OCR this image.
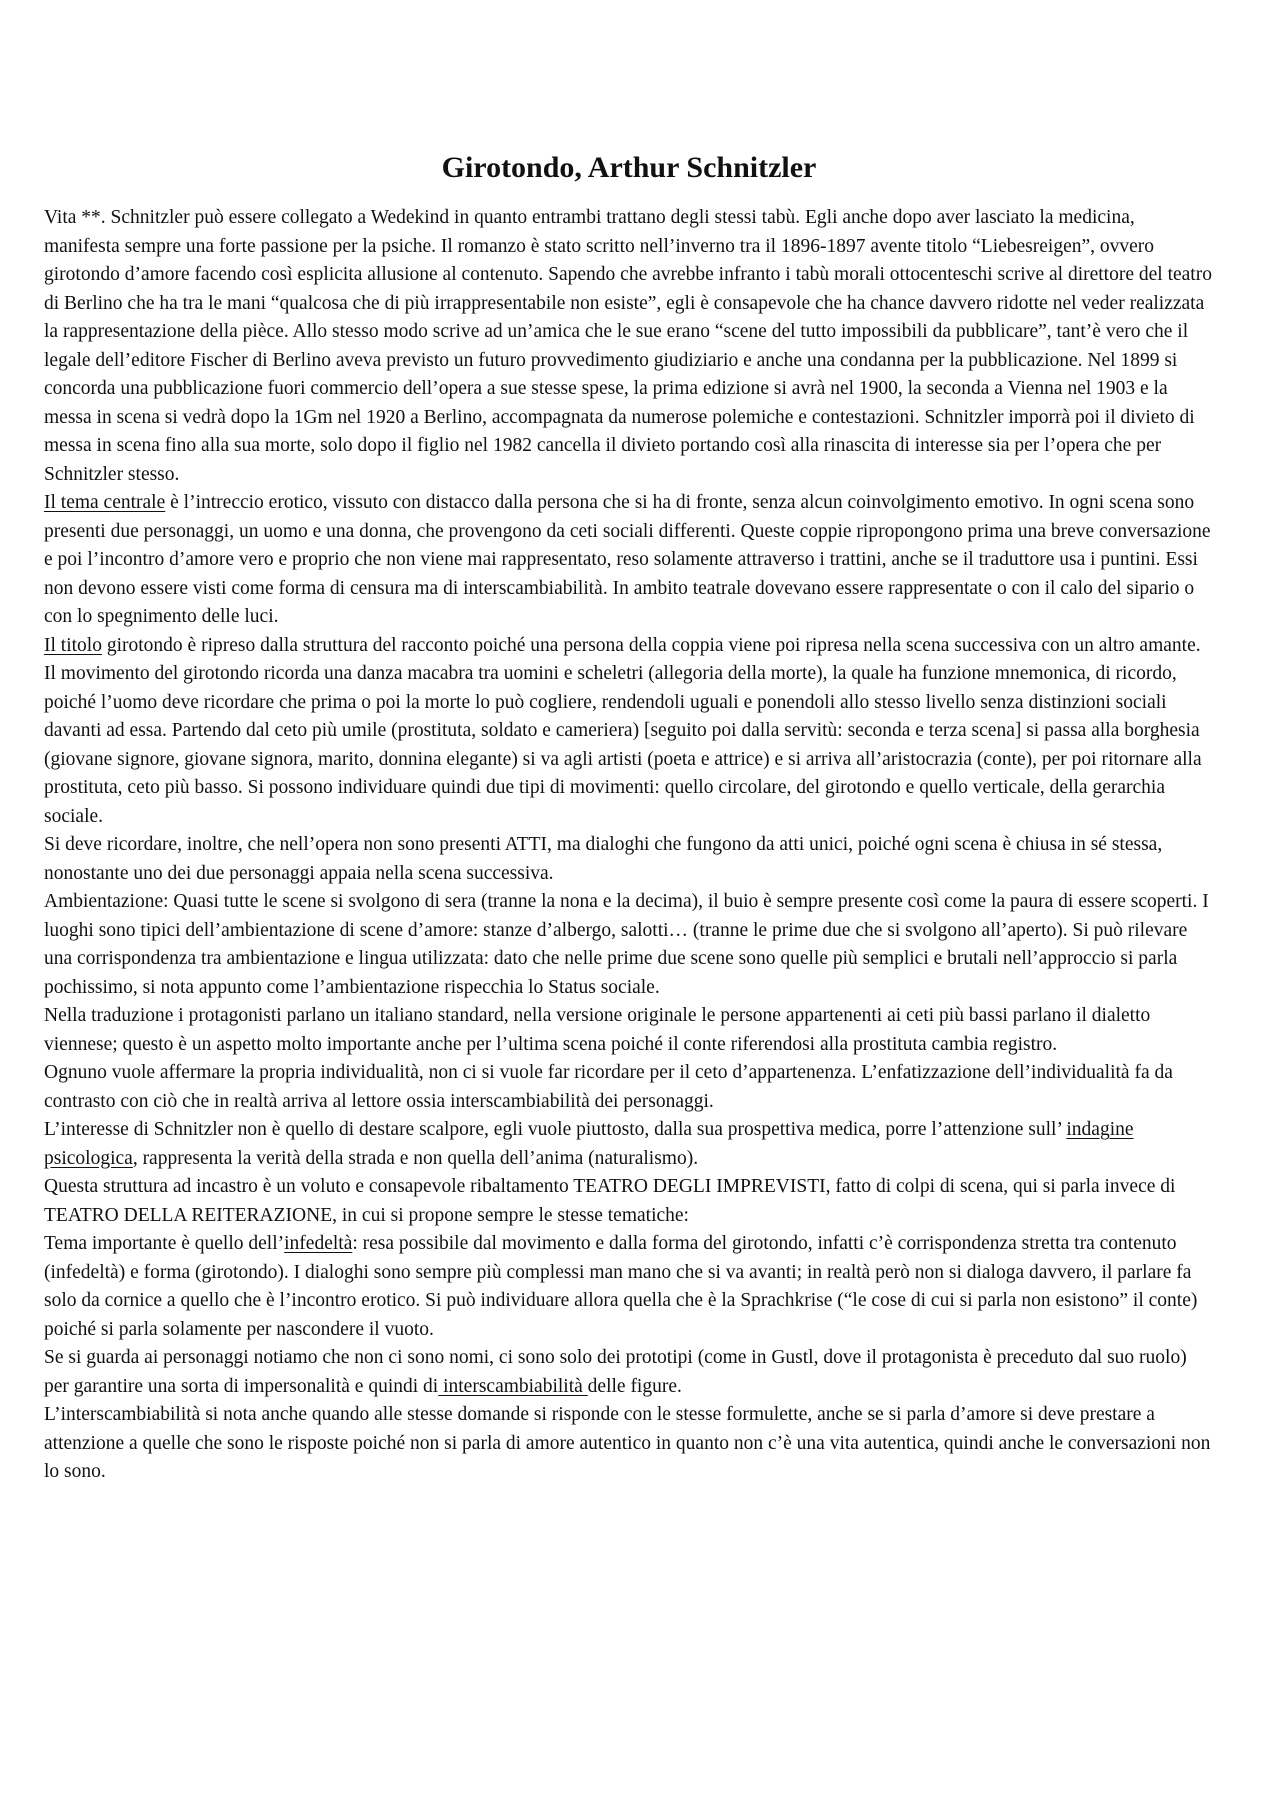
Girotondo, Arthur Schnitzler

Vita **. Schnitzler può essere collegato a Wedekind in quanto entrambi trattano degli stessi tabù. Egli anche dopo aver lasciato la medicina, manifesta sempre una forte passione per la psiche. Il romanzo è stato scritto nell’inverno tra il 1896-1897 avente titolo “Liebesreigen”, ovvero girotondo d’amore facendo così esplicita allusione al contenuto. Sapendo che avrebbe infranto i tabù morali ottocenteschi scrive al direttore del teatro di Berlino che ha tra le mani “qualcosa che di più irrappresentabile non esiste”, egli è consapevole che ha chance davvero ridotte nel veder realizzata la rappresentazione della pièce. Allo stesso modo scrive ad un’amica che le sue erano “scene del tutto impossibili da pubblicare”, tant’è vero che il legale dell’editore Fischer di Berlino aveva previsto un futuro provvedimento giudiziario e anche una condanna per la pubblicazione. Nel 1899 si concorda una pubblicazione fuori commercio dell’opera a sue stesse spese, la prima edizione si avrà nel 1900, la seconda a Vienna nel 1903 e la messa in scena si vedrà dopo la 1Gm nel 1920 a Berlino, accompagnata da numerose polemiche e contestazioni. Schnitzler imporrà poi il divieto di messa in scena fino alla sua morte, solo dopo il figlio nel 1982 cancella il divieto portando così alla rinascita di interesse sia per l’opera che per Schnitzler stesso.

Il tema centrale è l’intreccio erotico, vissuto con distacco dalla persona che si ha di fronte, senza alcun coinvolgimento emotivo. In ogni scena sono presenti due personaggi, un uomo e una donna, che provengono da ceti sociali differenti. Queste coppie ripropongono prima una breve conversazione e poi l’incontro d’amore vero e proprio che non viene mai rappresentato, reso solamente attraverso i trattini, anche se il traduttore usa i puntini. Essi non devono essere visti come forma di censura ma di interscambiabilità. In ambito teatrale dovevano essere rappresentate o con il calo del sipario o con lo spegnimento delle luci.

Il titolo girotondo è ripreso dalla struttura del racconto poiché una persona della coppia viene poi ripresa nella scena successiva con un altro amante. Il movimento del girotondo ricorda una danza macabra tra uomini e scheletri (allegoria della morte), la quale ha funzione mnemonica, di ricordo, poiché l’uomo deve ricordare che prima o poi la morte lo può cogliere, rendendoli uguali e ponendoli allo stesso livello senza distinzioni sociali davanti ad essa. Partendo dal ceto più umile (prostituta, soldato e cameriera) [seguito poi dalla servitù: seconda e terza scena] si passa alla borghesia (giovane signore, giovane signora, marito, donnina elegante) si va agli artisti (poeta e attrice) e si arriva all’aristocrazia (conte), per poi ritornare alla prostituta, ceto più basso. Si possono individuare quindi due tipi di movimenti: quello circolare, del girotondo e quello verticale, della gerarchia sociale.

Si deve ricordare, inoltre, che nell’opera non sono presenti ATTI, ma dialoghi che fungono da atti unici, poiché ogni scena è chiusa in sé stessa, nonostante uno dei due personaggi appaia nella scena successiva.

Ambientazione: Quasi tutte le scene si svolgono di sera (tranne la nona e la decima), il buio è sempre presente così come la paura di essere scoperti. I luoghi sono tipici dell’ambientazione di scene d’amore: stanze d’albergo, salotti… (tranne le prime due che si svolgono all’aperto). Si può rilevare una corrispondenza tra ambientazione e lingua utilizzata: dato che nelle prime due scene sono quelle più semplici e brutali nell’approccio si parla pochissimo, si nota appunto come l’ambientazione rispecchia lo Status sociale.

Nella traduzione i protagonisti parlano un italiano standard, nella versione originale le persone appartenenti ai ceti più bassi parlano il dialetto viennese; questo è un aspetto molto importante anche per l’ultima scena poiché il conte riferendosi alla prostituta cambia registro.

Ognuno vuole affermare la propria individualità, non ci si vuole far ricordare per il ceto d’appartenenza. L’enfatizzazione dell’individualità fa da contrasto con ciò che in realtà arriva al lettore ossia interscambiabilità dei personaggi.

L’interesse di Schnitzler non è quello di destare scalpore, egli vuole piuttosto, dalla sua prospettiva medica, porre l’attenzione sull’ indagine psicologica, rappresenta la verità della strada e non quella dell’anima (naturalismo).

Questa struttura ad incastro è un voluto e consapevole ribaltamento TEATRO DEGLI IMPREVISTI, fatto di colpi di scena, qui si parla invece di TEATRO DELLA REITERAZIONE, in cui si propone sempre le stesse tematiche:

Tema importante è quello dell’infedeltà: resa possibile dal movimento e dalla forma del girotondo, infatti c’è corrispondenza stretta tra contenuto (infedeltà) e forma (girotondo). I dialoghi sono sempre più complessi man mano che si va avanti; in realtà però non si dialoga davvero, il parlare fa solo da cornice a quello che è l’incontro erotico. Si può individuare allora quella che è la Sprachkrise (“le cose di cui si parla non esistono” il conte) poiché si parla solamente per nascondere il vuoto.

Se si guarda ai personaggi notiamo che non ci sono nomi, ci sono solo dei prototipi (come in Gustl, dove il protagonista è preceduto dal suo ruolo) per garantire una sorta di impersonalità e quindi di interscambiabilità delle figure.

L’interscambiabilità si nota anche quando alle stesse domande si risponde con le stesse formulette, anche se si parla d’amore si deve prestare a attenzione a quelle che sono le risposte poiché non si parla di amore autentico in quanto non c’è una vita autentica, quindi anche le conversazioni non lo sono.
